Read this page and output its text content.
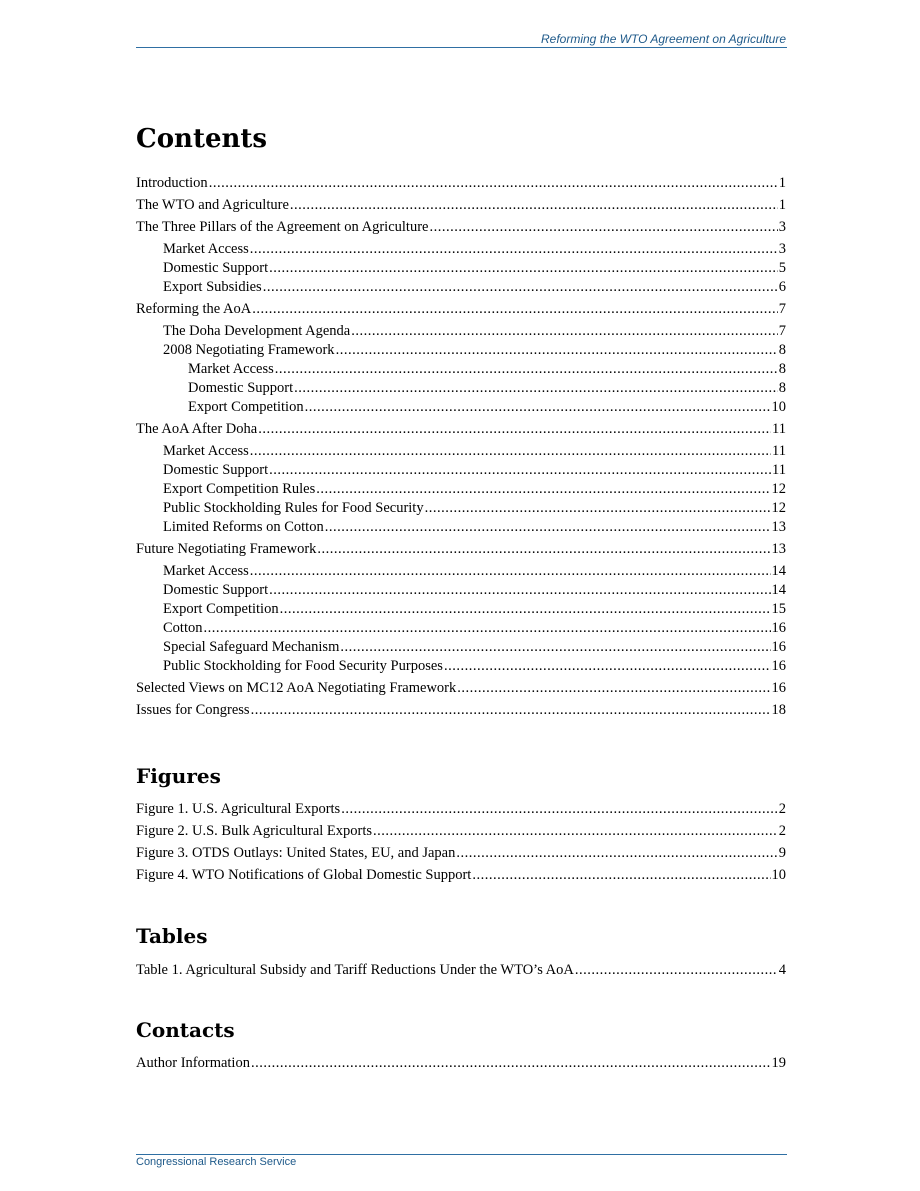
Reforming the WTO Agreement on Agriculture
Contents
Introduction .....	1
The WTO and Agriculture .....	1
The Three Pillars of the Agreement on Agriculture .....	3
Market Access .....	3
Domestic Support .....	5
Export Subsidies .....	6
Reforming the AoA .....	7
The Doha Development Agenda .....	7
2008 Negotiating Framework .....	8
Market Access .....	8
Domestic Support .....	8
Export Competition .....	10
The AoA After Doha .....	11
Market Access .....	11
Domestic Support .....	11
Export Competition Rules .....	12
Public Stockholding Rules for Food Security .....	12
Limited Reforms on Cotton .....	13
Future Negotiating Framework .....	13
Market Access .....	14
Domestic Support .....	14
Export Competition .....	15
Cotton .....	16
Special Safeguard Mechanism .....	16
Public Stockholding for Food Security Purposes .....	16
Selected Views on MC12 AoA Negotiating Framework .....	16
Issues for Congress .....	18
Figures
Figure 1. U.S. Agricultural Exports .....	2
Figure 2. U.S. Bulk Agricultural Exports .....	2
Figure 3. OTDS Outlays: United States, EU, and Japan .....	9
Figure 4. WTO Notifications of Global Domestic Support .....	10
Tables
Table 1. Agricultural Subsidy and Tariff Reductions Under the WTO’s AoA .....	4
Contacts
Author Information .....	19
Congressional Research Service
